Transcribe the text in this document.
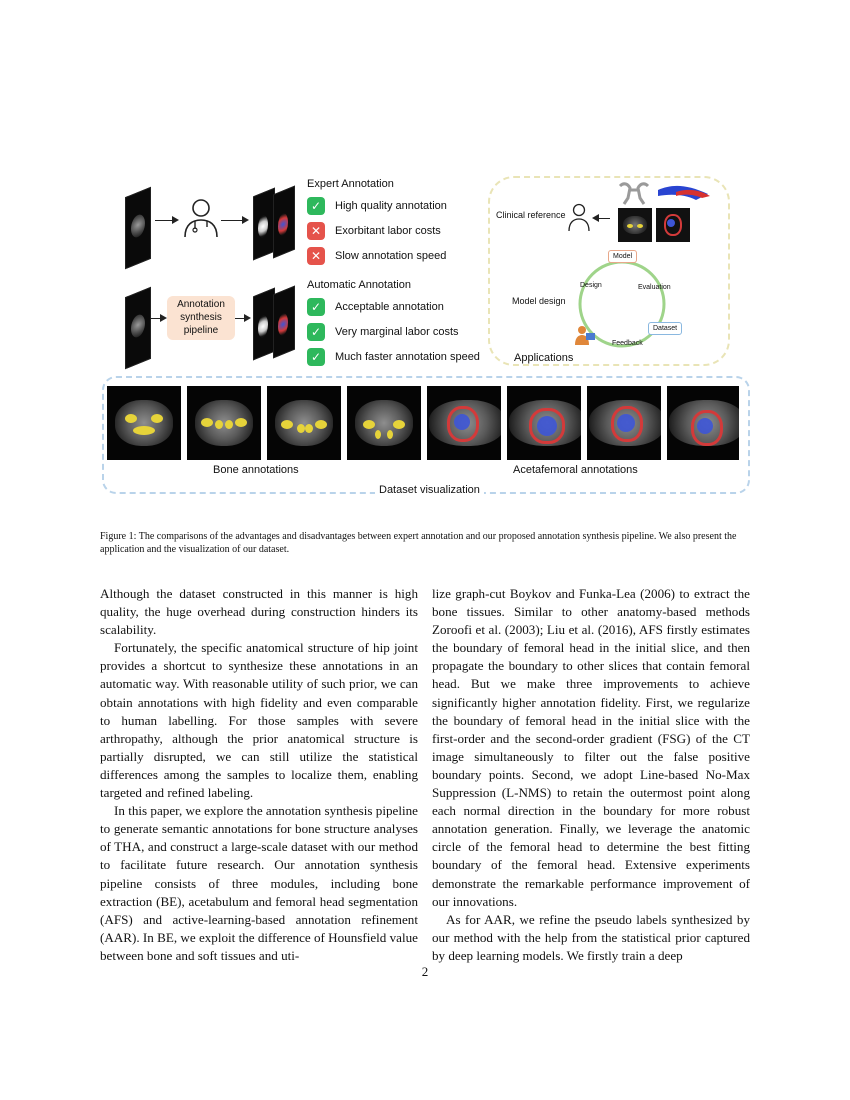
Expert Annotation
✓	High quality annotation
✕	Exorbitant labor costs
✕	Slow annotation speed
Annotation
synthesis
pipeline
Automatic Annotation
✓	Acceptable annotation
✓	Very marginal labor costs
✓	Much faster annotation speed
Clinical reference
Model
Evaluation
Dataset
Feedback
Design
Model design
Applications
Bone annotations	Acetafemoral annotations
Dataset visualization
Figure 1: The comparisons of the advantages and disadvantages between expert annotation and our proposed annotation synthesis pipeline. We also present the application and the visualization of our dataset.

Although the dataset constructed in this manner is high quality, the huge overhead during construction hinders its scalability.

Fortunately, the specific anatomical structure of hip joint provides a shortcut to synthesize these annotations in an automatic way. With reasonable utility of such prior, we can obtain annotations with high fidelity and even comparable to human labelling. For those samples with severe arthropathy, although the prior anatomical structure is partially disrupted, we can still utilize the statistical differences among the samples to localize them, enabling targeted and refined labeling.

In this paper, we explore the annotation synthesis pipeline to generate semantic annotations for bone structure analyses of THA, and construct a large-scale dataset with our method to facilitate future research. Our annotation synthesis pipeline consists of three modules, including bone extraction (BE), acetabulum and femoral head segmentation (AFS) and active-learning-based annotation refinement (AAR). In BE, we exploit the difference of Hounsfield value between bone and soft tissues and uti-

lize graph-cut Boykov and Funka-Lea (2006) to extract the bone tissues. Similar to other anatomy-based methods Zoroofi et al. (2003); Liu et al. (2016), AFS firstly estimates the boundary of femoral head in the initial slice, and then propagate the boundary to other slices that contain femoral head. But we make three improvements to achieve significantly higher annotation fidelity. First, we regularize the boundary of femoral head in the initial slice with the first-order and the second-order gradient (FSG) of the CT image simultaneously to filter out the false positive boundary points. Second, we adopt Line-based No-Max Suppression (L-NMS) to retain the outermost point along each normal direction in the boundary for more robust annotation generation. Finally, we leverage the anatomic circle of the femoral head to determine the best fitting boundary of the femoral head. Extensive experiments demonstrate the remarkable performance improvement of our innovations.

As for AAR, we refine the pseudo labels synthesized by our method with the help from the statistical prior captured by deep learning models. We firstly train a deep

2
